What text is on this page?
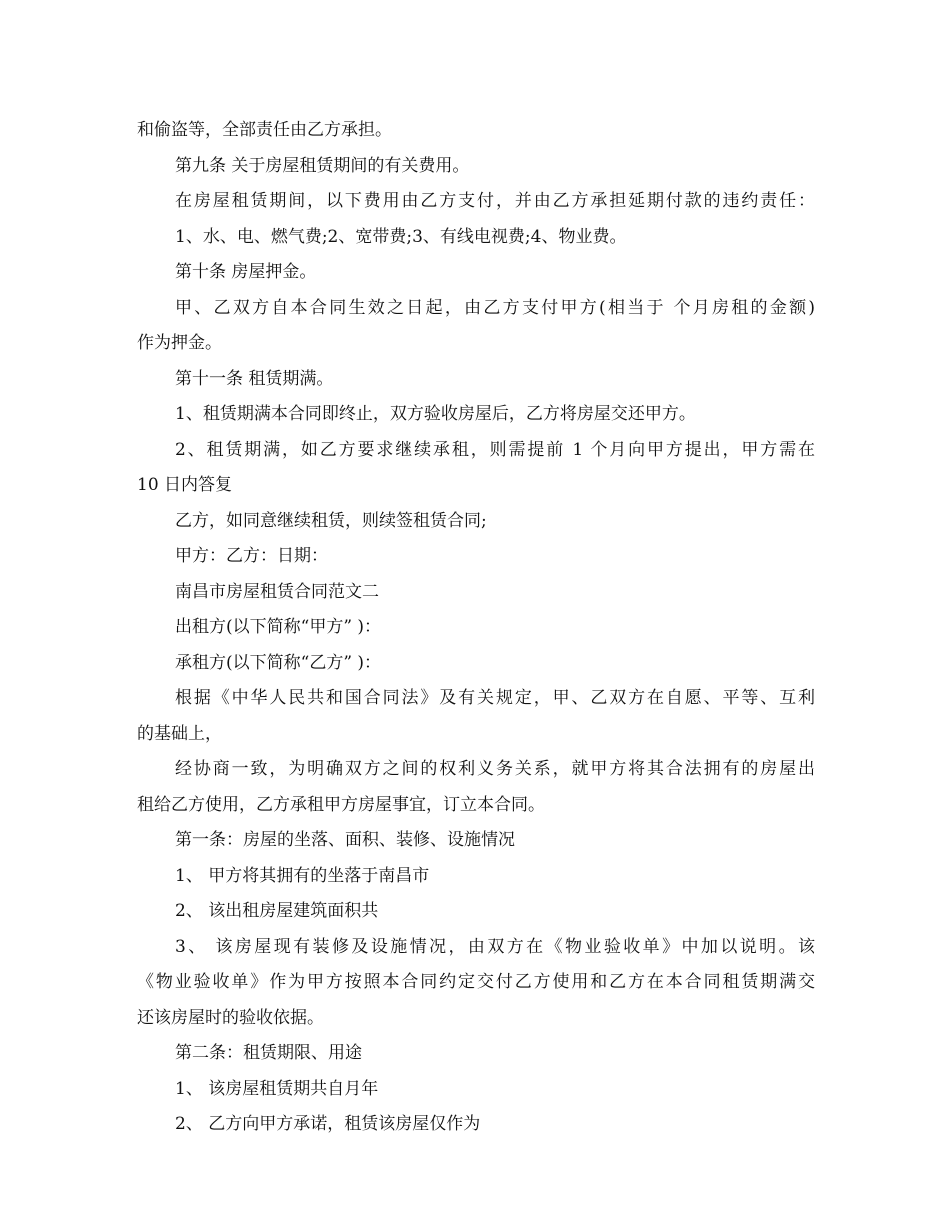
和偷盗等，全部责任由乙方承担。
第九条 关于房屋租赁期间的有关费用。
在房屋租赁期间，以下费用由乙方支付，并由乙方承担延期付款的违约责任：
1、水、电、燃气费;2、宽带费;3、有线电视费;4、物业费。
第十条 房屋押金。
甲、乙双方自本合同生效之日起，由乙方支付甲方(相当于 个月房租的金额)
作为押金。
第十一条 租赁期满。
1、租赁期满本合同即终止，双方验收房屋后，乙方将房屋交还甲方。
2、租赁期满，如乙方要求继续承租，则需提前 1 个月向甲方提出，甲方需在
10 日内答复
乙方，如同意继续租赁，则续签租赁合同;
甲方：乙方：日期：
南昌市房屋租赁合同范文二
出租方(以下简称“甲方” )：
承租方(以下简称“乙方” )：
根据《中华人民共和国合同法》及有关规定，甲、乙双方在自愿、平等、互利
的基础上，
经协商一致，为明确双方之间的权利义务关系，就甲方将其合法拥有的房屋出
租给乙方使用，乙方承租甲方房屋事宜，订立本合同。
第一条：房屋的坐落、面积、装修、设施情况
1、 甲方将其拥有的坐落于南昌市
2、 该出租房屋建筑面积共
3、 该房屋现有装修及设施情况，由双方在《物业验收单》中加以说明。该
《物业验收单》作为甲方按照本合同约定交付乙方使用和乙方在本合同租赁期满交
还该房屋时的验收依据。
第二条：租赁期限、用途
1、 该房屋租赁期共自月年
2、 乙方向甲方承诺，租赁该房屋仅作为
